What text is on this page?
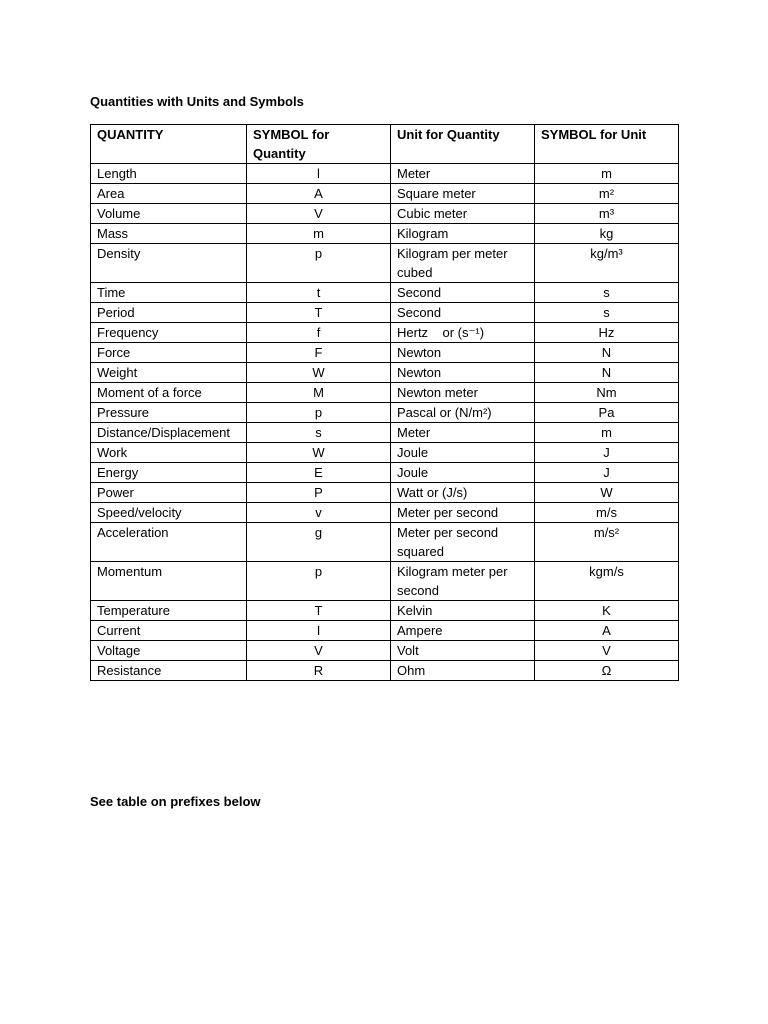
Quantities with Units and Symbols
QUANTITY	SYMBOL for Quantity	Unit for Quantity	SYMBOL for Unit
Length	l	Meter	m
Area	A	Square meter	m²
Volume	V	Cubic meter	m³
Mass	m	Kilogram	kg
Density	p	Kilogram per meter cubed	kg/m³
Time	t	Second	s
Period	T	Second	s
Frequency	f	Hertz    or (s⁻¹)	Hz
Force	F	Newton	N
Weight	W	Newton	N
Moment of a force	M	Newton meter	Nm
Pressure	p	Pascal or (N/m²)	Pa
Distance/Displacement	s	Meter	m
Work	W	Joule	J
Energy	E	Joule	J
Power	P	Watt or (J/s)	W
Speed/velocity	v	Meter per second	m/s
Acceleration	g	Meter per second squared	m/s²
Momentum	p	Kilogram meter per second	kgm/s
Temperature	T	Kelvin	K
Current	I	Ampere	A
Voltage	V	Volt	V
Resistance	R	Ohm	Ω
See table on prefixes below
